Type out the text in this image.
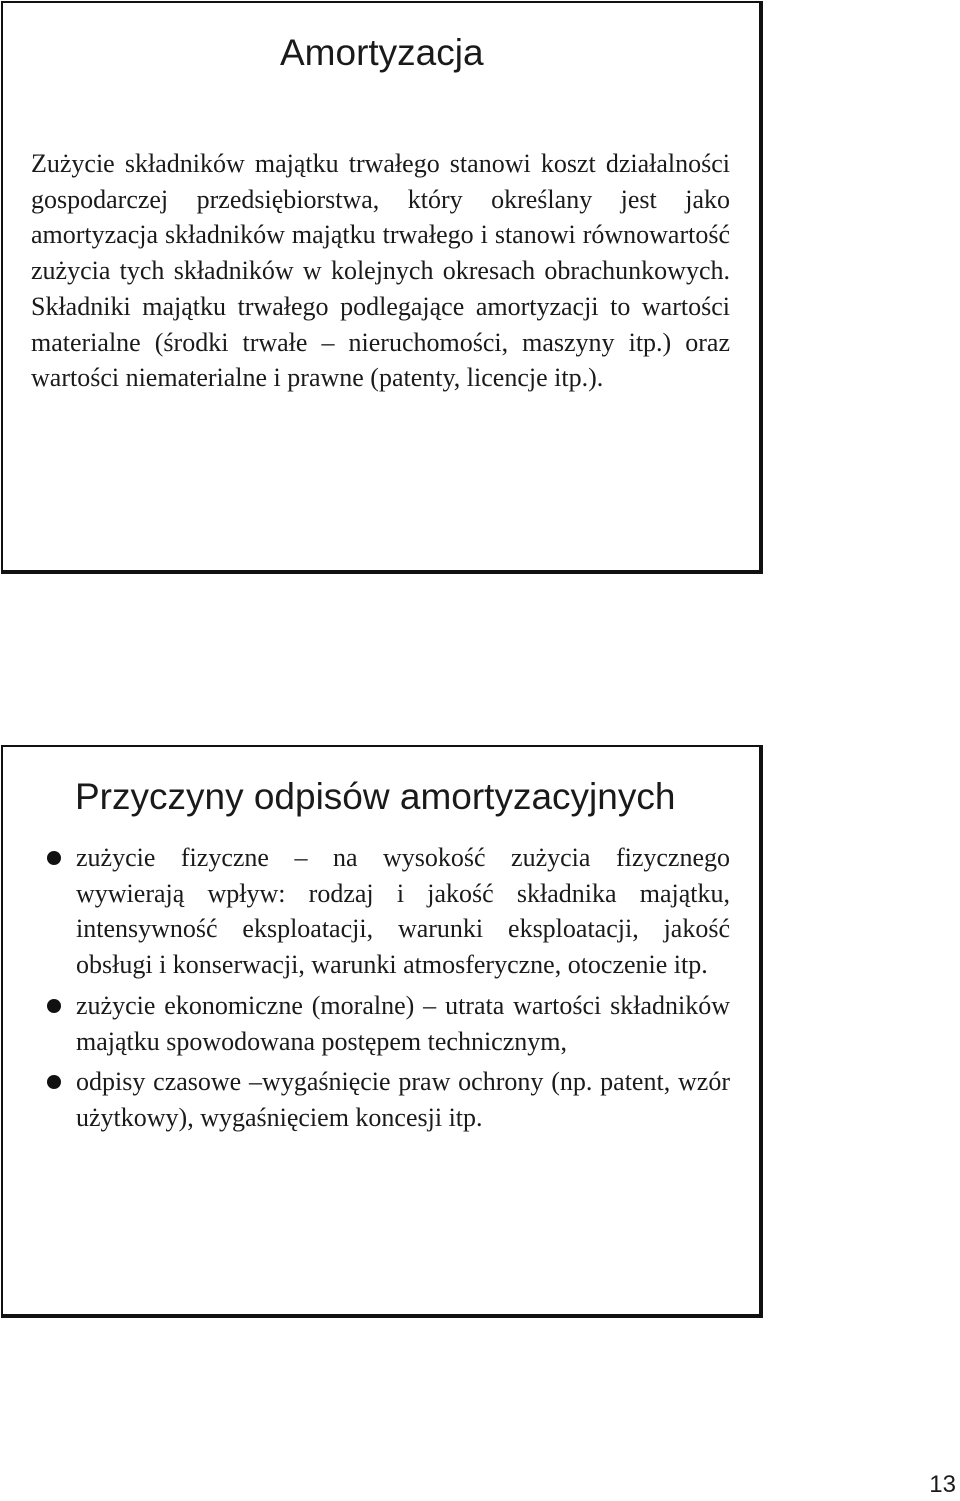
Amortyzacja

Zużycie składników majątku trwałego stanowi koszt działalności gospodarczej przedsiębiorstwa, który określany jest jako amortyzacja składników majątku trwałego i stanowi równowartość zużycia tych składników w kolejnych okresach obrachunkowych. Składniki majątku trwałego podlegające amortyzacji to wartości materialne (środki trwałe – nieruchomości, maszyny itp.) oraz wartości niematerialne i prawne (patenty, licencje itp.).

Przyczyny odpisów amortyzacyjnych
zużycie fizyczne – na wysokość zużycia fizycznego wywierają wpływ: rodzaj i jakość składnika majątku, intensywność eksploatacji, warunki eksploatacji, jakość obsługi i konserwacji, warunki atmosferyczne, otoczenie itp.
zużycie ekonomiczne (moralne) – utrata wartości składników majątku spowodowana postępem technicznym,
odpisy czasowe –wygaśnięcie praw ochrony (np. patent, wzór użytkowy), wygaśnięciem koncesji itp.
13
